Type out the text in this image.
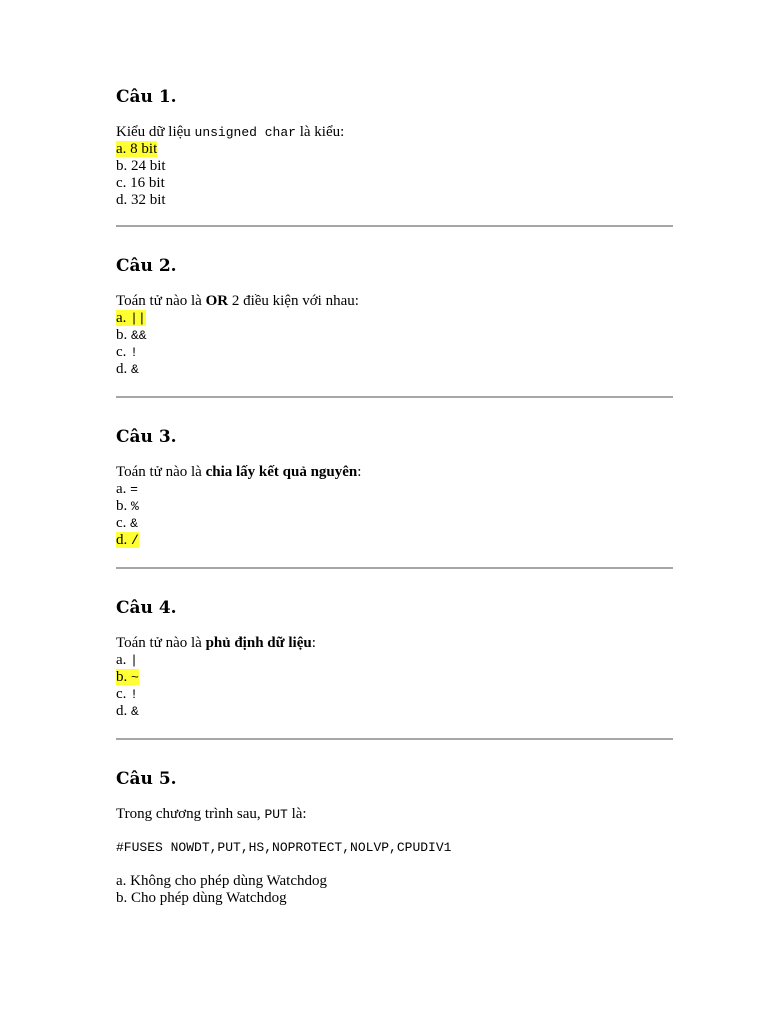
Câu 1.
Kiểu dữ liệu unsigned char là kiểu:
a. 8 bit
b. 24 bit
c. 16 bit
d. 32 bit
Câu 2.
Toán tử nào là OR 2 điều kiện với nhau:
a. ||
b. &&
c. !
d. &
Câu 3.
Toán tử nào là chia lấy kết quả nguyên:
a. =
b. %
c. &
d. /
Câu 4.
Toán tử nào là phủ định dữ liệu:
a. |
b. ~
c. !
d. &
Câu 5.
Trong chương trình sau, PUT là:
#FUSES NOWDT,PUT,HS,NOPROTECT,NOLVP,CPUDIV1
a. Không cho phép dùng Watchdog
b. Cho phép dùng Watchdog
